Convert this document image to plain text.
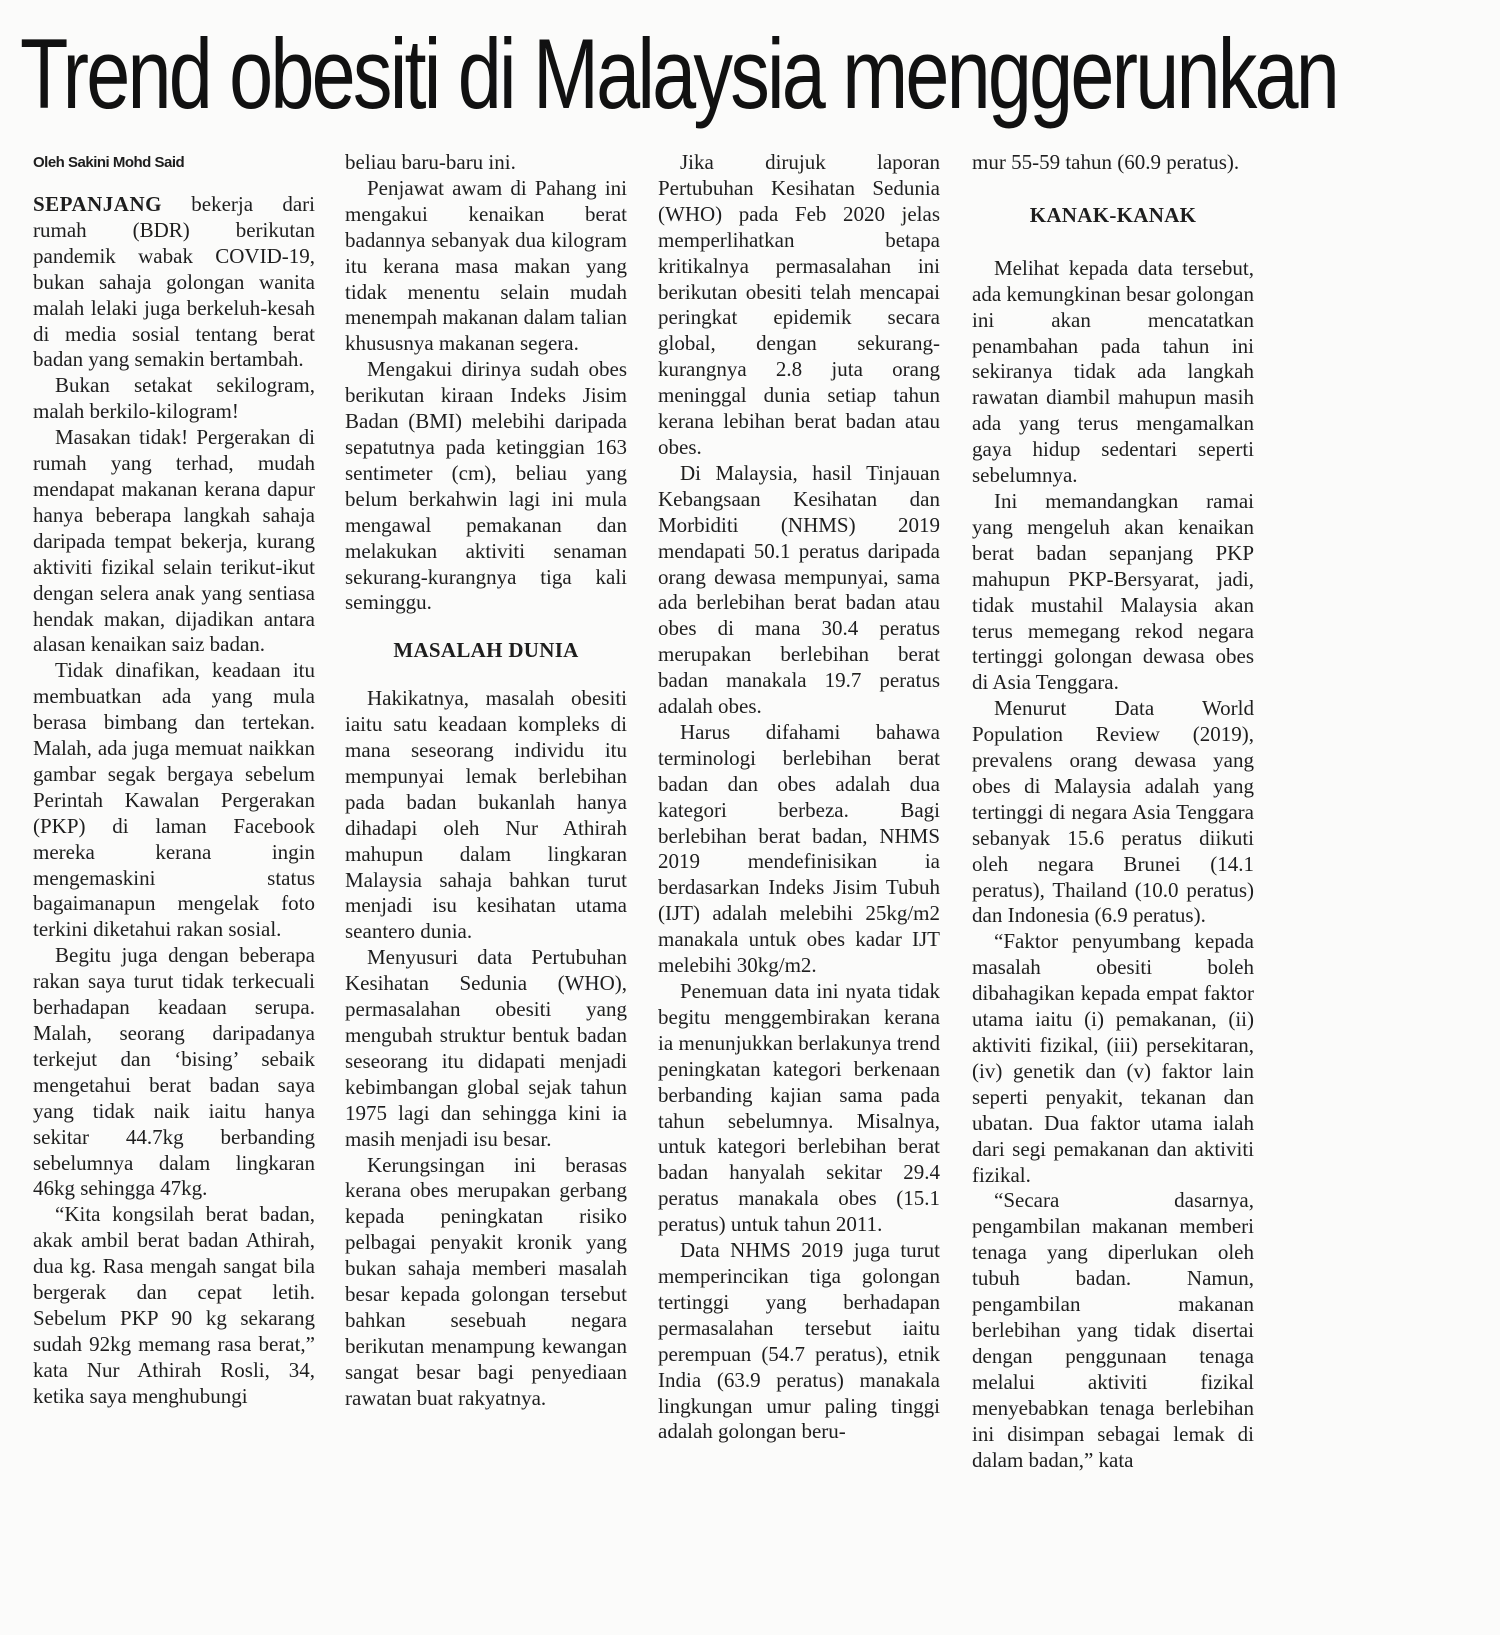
Trend obesiti di Malaysia menggerunkan
Oleh Sakini Mohd Said

SEPANJANG bekerja dari rumah (BDR) berikutan pandemik wabak COVID-19, bukan sahaja golongan wanita malah lelaki juga berkeluh-kesah di media sosial tentang berat badan yang semakin bertambah.

Bukan setakat sekilogram, malah berkilo-kilogram!

Masakan tidak! Pergerakan di rumah yang terhad, mudah mendapat makanan kerana dapur hanya beberapa langkah sahaja daripada tempat bekerja, kurang aktiviti fizikal selain terikut-ikut dengan selera anak yang sentiasa hendak makan, dijadikan antara alasan kenaikan saiz badan.

Tidak dinafikan, keadaan itu membuatkan ada yang mula berasa bimbang dan tertekan. Malah, ada juga memuat naikkan gambar segak bergaya sebelum Perintah Kawalan Pergerakan (PKP) di laman Facebook mereka kerana ingin mengemaskini status bagaimanapun mengelak foto terkini diketahui rakan sosial.

Begitu juga dengan beberapa rakan saya turut tidak terkecuali berhadapan keadaan serupa. Malah, seorang daripadanya terkejut dan ‘bising’ sebaik mengetahui berat badan saya yang tidak naik iaitu hanya sekitar 44.7kg berbanding sebelumnya dalam lingkaran 46kg sehingga 47kg.

“Kita kongsilah berat badan, akak ambil berat badan Athirah, dua kg. Rasa mengah sangat bila bergerak dan cepat letih. Sebelum PKP 90 kg sekarang sudah 92kg memang rasa berat,” kata Nur Athirah Rosli, 34, ketika saya menghubungi

beliau baru-baru ini.

Penjawat awam di Pahang ini mengakui kenaikan berat badannya sebanyak dua kilogram itu kerana masa makan yang tidak menentu selain mudah menempah makanan dalam talian khususnya makanan segera.

Mengakui dirinya sudah obes berikutan kiraan Indeks Jisim Badan (BMI) melebihi daripada sepatutnya pada ketinggian 163 sentimeter (cm), beliau yang belum berkahwin lagi ini mula mengawal pemakanan dan melakukan aktiviti senaman sekurang-kurangnya tiga kali seminggu.

MASALAH DUNIA

Hakikatnya, masalah obesiti iaitu satu keadaan kompleks di mana seseorang individu itu mempunyai lemak berlebihan pada badan bukanlah hanya dihadapi oleh Nur Athirah mahupun dalam lingkaran Malaysia sahaja bahkan turut menjadi isu kesihatan utama seantero dunia.

Menyusuri data Pertubuhan Kesihatan Sedunia (WHO), permasalahan obesiti yang mengubah struktur bentuk badan seseorang itu didapati menjadi kebimbangan global sejak tahun 1975 lagi dan sehingga kini ia masih menjadi isu besar.

Kerungsingan ini berasas kerana obes merupakan gerbang kepada peningkatan risiko pelbagai penyakit kronik yang bukan sahaja memberi masalah besar kepada golongan tersebut bahkan sesebuah negara berikutan menampung kewangan sangat besar bagi penyediaan rawatan buat rakyatnya.

Jika dirujuk laporan Pertubuhan Kesihatan Sedunia (WHO) pada Feb 2020 jelas memperlihatkan betapa kritikalnya permasalahan ini berikutan obesiti telah mencapai peringkat epidemik secara global, dengan sekurang-kurangnya 2.8 juta orang meninggal dunia setiap tahun kerana lebihan berat badan atau obes.

Di Malaysia, hasil Tinjauan Kebangsaan Kesihatan dan Morbiditi (NHMS) 2019 mendapati 50.1 peratus daripada orang dewasa mempunyai, sama ada berlebihan berat badan atau obes di mana 30.4 peratus merupakan berlebihan berat badan manakala 19.7 peratus adalah obes.

Harus difahami bahawa terminologi berlebihan berat badan dan obes adalah dua kategori berbeza. Bagi berlebihan berat badan, NHMS 2019 mendefinisikan ia berdasarkan Indeks Jisim Tubuh (IJT) adalah melebihi 25kg/m2 manakala untuk obes kadar IJT melebihi 30kg/m2.

Penemuan data ini nyata tidak begitu menggembirakan kerana ia menunjukkan berlakunya trend peningkatan kategori berkenaan berbanding kajian sama pada tahun sebelumnya. Misalnya, untuk kategori berlebihan berat badan hanyalah sekitar 29.4 peratus manakala obes (15.1 peratus) untuk tahun 2011.

Data NHMS 2019 juga turut memperincikan tiga golongan tertinggi yang berhadapan permasalahan tersebut iaitu perempuan (54.7 peratus), etnik India (63.9 peratus) manakala lingkungan umur paling tinggi adalah golongan beru-

mur 55-59 tahun (60.9 peratus).

KANAK-KANAK

Melihat kepada data tersebut, ada kemungkinan besar golongan ini akan mencatatkan penambahan pada tahun ini sekiranya tidak ada langkah rawatan diambil mahupun masih ada yang terus mengamalkan gaya hidup sedentari seperti sebelumnya.

Ini memandangkan ramai yang mengeluh akan kenaikan berat badan sepanjang PKP mahupun PKP-Bersyarat, jadi, tidak mustahil Malaysia akan terus memegang rekod negara tertinggi golongan dewasa obes di Asia Tenggara.

Menurut Data World Population Review (2019), prevalens orang dewasa yang obes di Malaysia adalah yang tertinggi di negara Asia Tenggara sebanyak 15.6 peratus diikuti oleh negara Brunei (14.1 peratus), Thailand (10.0 peratus) dan Indonesia (6.9 peratus).

“Faktor penyumbang kepada masalah obesiti boleh dibahagikan kepada empat faktor utama iaitu (i) pemakanan, (ii) aktiviti fizikal, (iii) persekitaran, (iv) genetik dan (v) faktor lain seperti penyakit, tekanan dan ubatan. Dua faktor utama ialah dari segi pemakanan dan aktiviti fizikal.

“Secara dasarnya, pengambilan makanan memberi tenaga yang diperlukan oleh tubuh badan. Namun, pengambilan makanan berlebihan yang tidak disertai dengan penggunaan tenaga melalui aktiviti fizikal menyebabkan tenaga berlebihan ini disimpan sebagai lemak di dalam badan,” kata
